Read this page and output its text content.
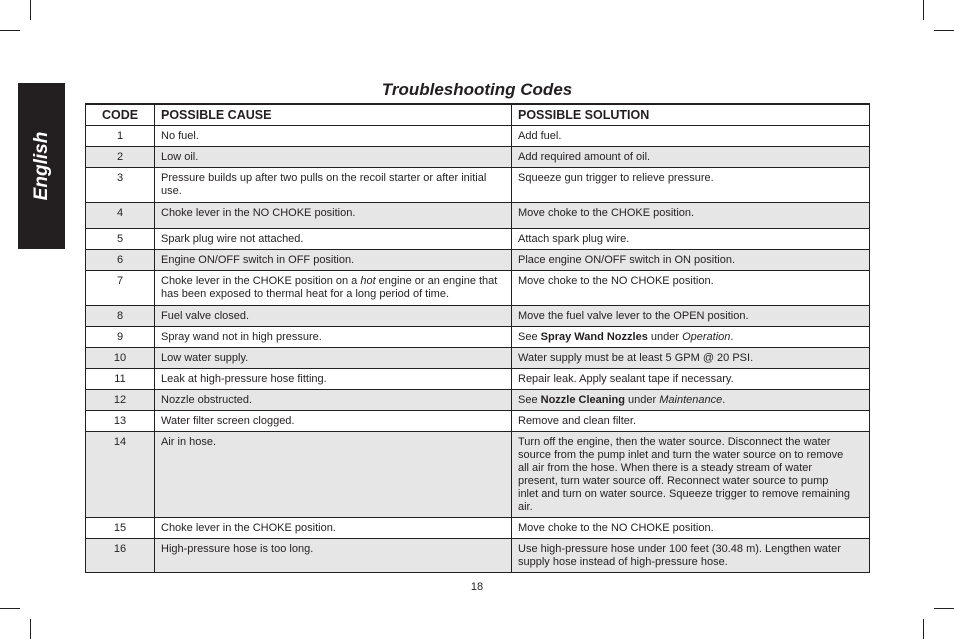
English
Troubleshooting Codes
CODE	POSSIBLE CAUSE	POSSIBLE SOLUTION
1	No fuel.	Add fuel.
2	Low oil.	Add required amount of oil.
3	Pressure builds up after two pulls on the recoil starter or after initial use.	Squeeze gun trigger to relieve pressure.
4	Choke lever in the NO CHOKE position.	Move choke to the CHOKE position.
5	Spark plug wire not attached.	Attach spark plug wire.
6	Engine ON/OFF switch in OFF position.	Place engine ON/OFF switch in ON position.
7	Choke lever in the CHOKE position on a hot engine or an engine that has been exposed to thermal heat for a long period of time.	Move choke to the NO CHOKE position.
8	Fuel valve closed.	Move the fuel valve lever to the OPEN position.
9	Spray wand not in high pressure.	See Spray Wand Nozzles under Operation.
10	Low water supply.	Water supply must be at least 5 GPM @ 20 PSI.
11	Leak at high-pressure hose fitting.	Repair leak. Apply sealant tape if necessary.
12	Nozzle obstructed.	See Nozzle Cleaning under Maintenance.
13	Water filter screen clogged.	Remove and clean filter.
14	Air in hose.	Turn off the engine, then the water source. Disconnect the water source from the pump inlet and turn the water source on to remove all air from the hose. When there is a steady stream of water present, turn water source off. Reconnect water source to pump inlet and turn on water source. Squeeze trigger to remove remaining air.
15	Choke lever in the CHOKE position.	Move choke to the NO CHOKE position.
16	High-pressure hose is too long.	Use high-pressure hose under 100 feet (30.48 m). Lengthen water supply hose instead of high-pressure hose.
18
